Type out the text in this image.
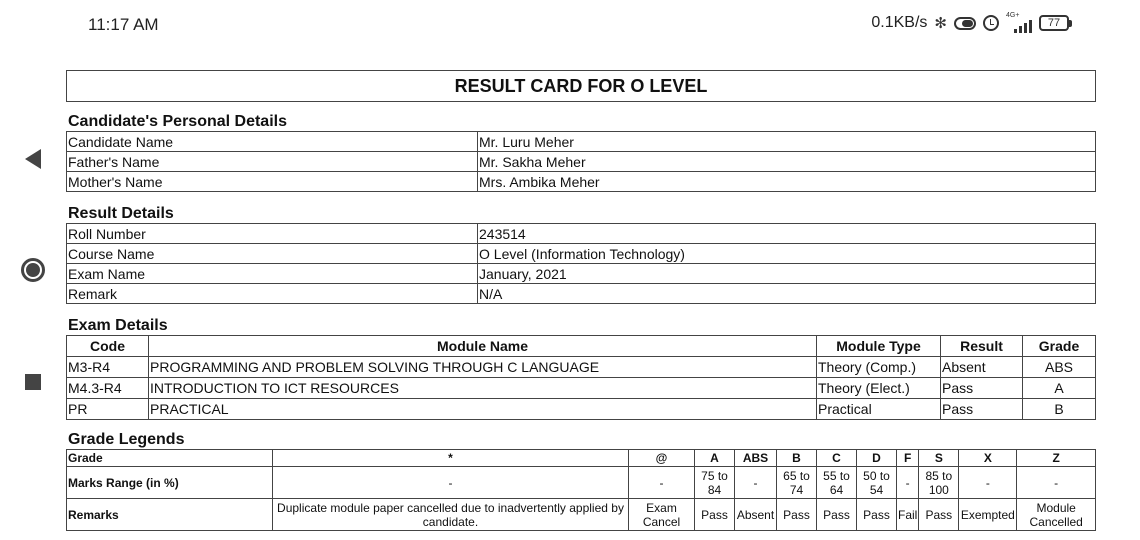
11:17 AM	0.1KB/s ✻	4G+
77
RESULT CARD FOR O LEVEL
Candidate's Personal Details
Candidate Name	Mr. Luru Meher
Father's Name	Mr. Sakha Meher
Mother's Name	Mrs. Ambika Meher
Result Details
Roll Number	243514
Course Name	O Level (Information Technology)
Exam Name	January, 2021
Remark	N/A
Exam Details
Code	Module Name	Module Type	Result	Grade
M3-R4	PROGRAMMING AND PROBLEM SOLVING THROUGH C LANGUAGE	Theory (Comp.)	Absent	ABS
M4.3-R4	INTRODUCTION TO ICT RESOURCES	Theory (Elect.)	Pass	A
PR	PRACTICAL	Practical	Pass	B
Grade Legends
Grade	*	@	A	ABS	B	C	D	F	S	X	Z
Marks Range (in %)	-	-	75 to 84	-	65 to 74	55 to 64	50 to 54	-	85 to 100	-	-
Remarks	Duplicate module paper cancelled due to inadvertently applied by candidate.	Exam Cancel	Pass	Absent	Pass	Pass	Pass	Fail	Pass	Exempted	Module Cancelled
